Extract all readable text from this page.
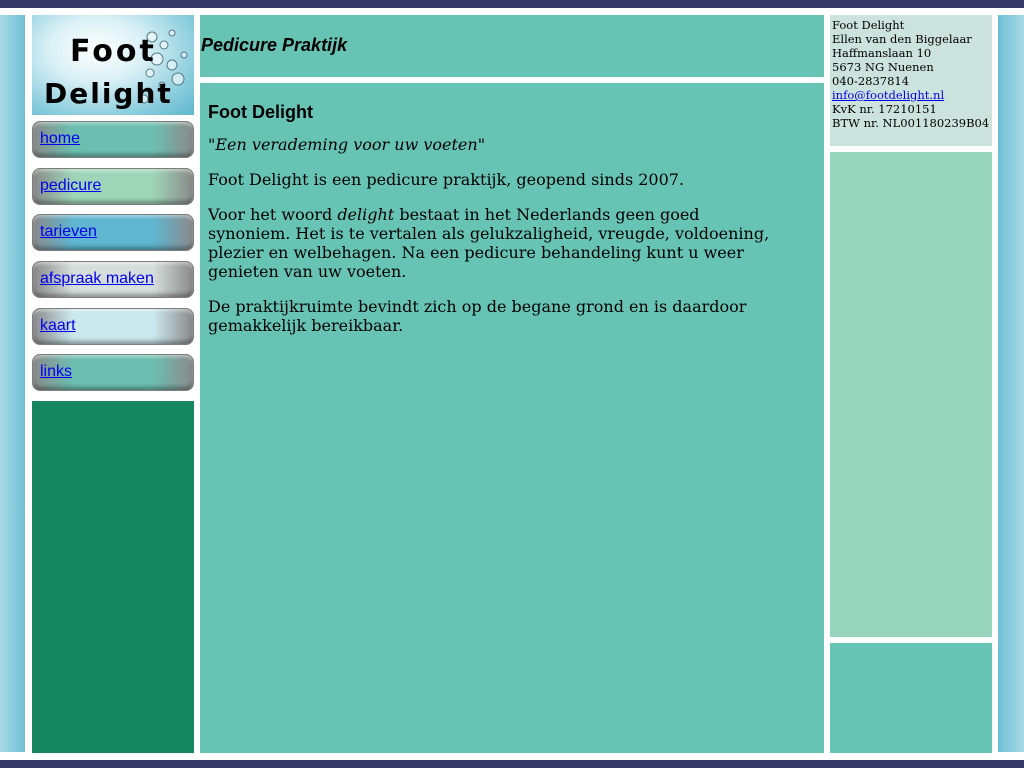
Foot
Delight
home
pedicure
tarieven
afspraak maken
kaart
links
Pedicure Praktijk
Foot Delight

"Een verademing voor uw voeten"

Foot Delight is een pedicure praktijk, geopend sinds 2007.

Voor het woord delight bestaat in het Nederlands geen goed synoniem. Het is te vertalen als gelukzaligheid, vreugde, voldoening, plezier en welbehagen. Na een pedicure behandeling kunt u weer genieten van uw voeten.

De praktijkruimte bevindt zich op de begane grond en is daardoor gemakkelijk bereikbaar.

Foot Delight
Ellen van den Biggelaar
Haffmanslaan 10
5673 NG Nuenen
040-2837814
info@footdelight.nl
KvK nr. 17210151
BTW nr. NL001180239B04
